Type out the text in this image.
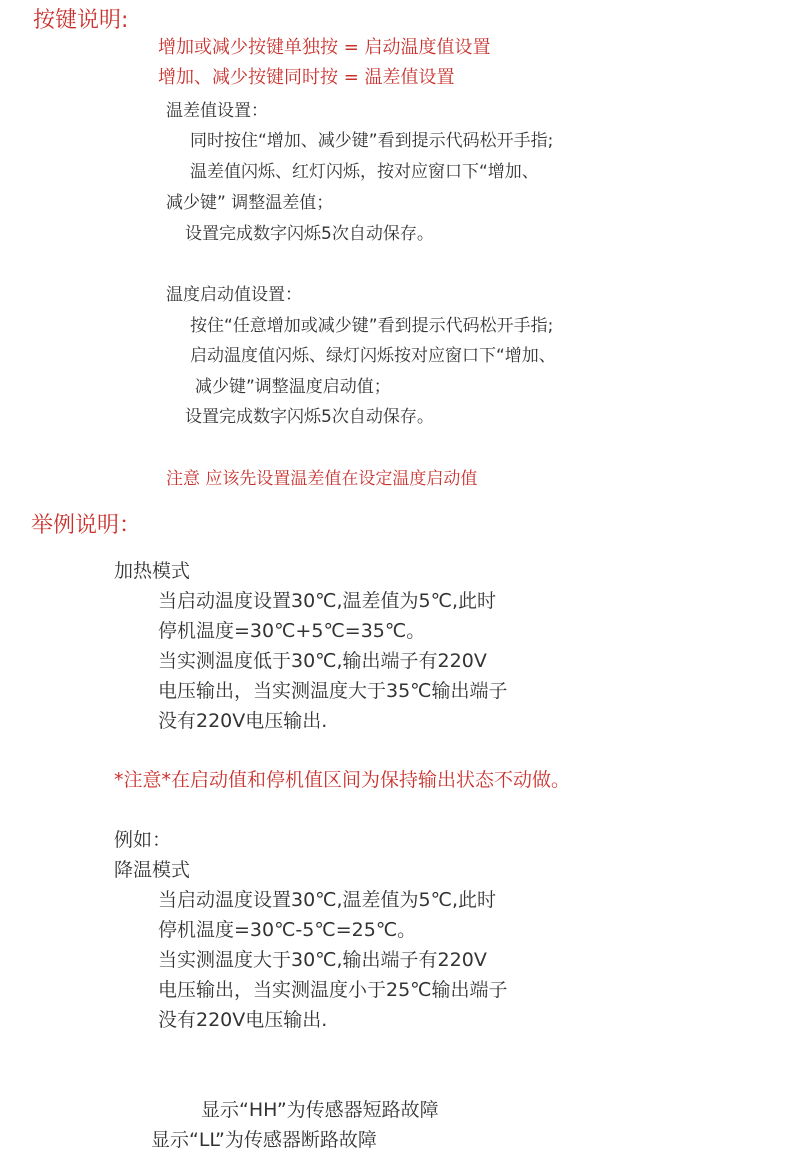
按键说明:
增加或减少按键单独按 = 启动温度值设置
增加、减少按键同时按 = 温差值设置
温差值设置：
同时按住“增加、减少键”看到提示代码松开手指;
温差值闪烁、红灯闪烁，按对应窗口下“增加、
减少键” 调整温差值；
设置完成数字闪烁5次自动保存。
温度启动值设置：
按住“任意增加或减少键”看到提示代码松开手指;
启动温度值闪烁、绿灯闪烁按对应窗口下“增加、
减少键”调整温度启动值；
设置完成数字闪烁5次自动保存。
注意 应该先设置温差值在设定温度启动值
举例说明：
加热模式
当启动温度设置30℃,温差值为5℃,此时
停机温度=30℃+5℃=35℃。
当实测温度低于30℃,输出端子有220V
电压输出，当实测温度大于35℃输出端子
没有220V电压输出.
*注意*在启动值和停机值区间为保持输出状态不动做。
例如：
降温模式
当启动温度设置30℃,温差值为5℃,此时
停机温度=30℃-5℃=25℃。
当实测温度大于30℃,输出端子有220V
电压输出，当实测温度小于25℃输出端子
没有220V电压输出.
显示“HH”为传感器短路故障
显示“LL”为传感器断路故障
